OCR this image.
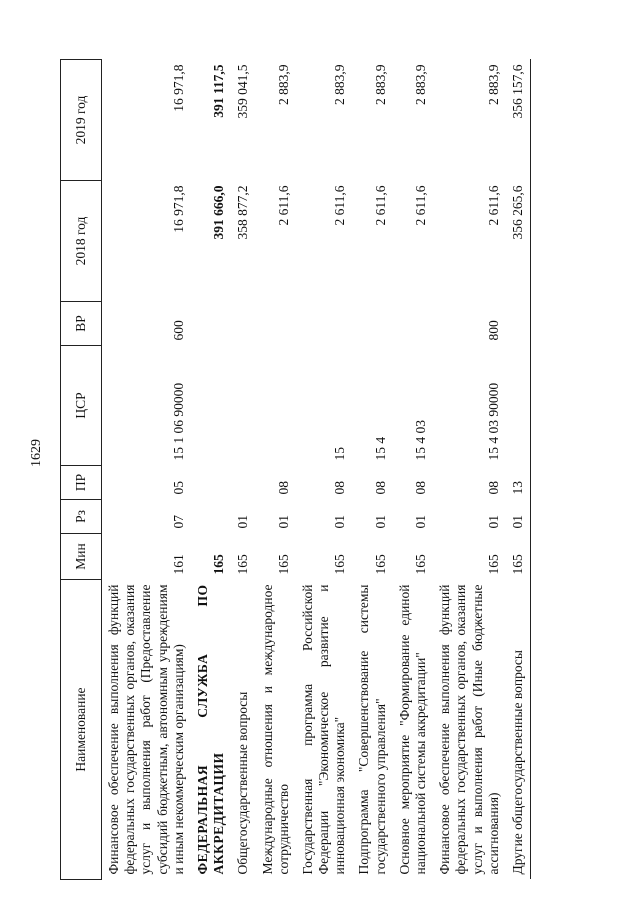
1629
Наименование	Мин	Рз	ПР	ЦСР	ВР	2018 год	2019 год
Финансовое обеспечение выполнения функций федеральных государственных органов, оказания услуг и выполнения работ (Предоставление субсидий бюджетным, автономным учреждениям и иным некоммерческим организациям)	161	07	05	15 1 06 90000	600	16 971,8	16 971,8
ФЕДЕРАЛЬНАЯ СЛУЖБА ПО АККРЕДИТАЦИИ	165					391 666,0	391 117,5
Общегосударственные вопросы	165	01				358 877,2	359 041,5
Международные отношения и международное сотрудничество	165	01	08			2 611,6	2 883,9
Государственная программа Российской Федерации "Экономическое развитие и инновационная экономика"	165	01	08	15		2 611,6	2 883,9
Подпрограмма "Совершенствование системы государственного управления"	165	01	08	15 4		2 611,6	2 883,9
Основное мероприятие "Формирование единой национальной системы аккредитации"	165	01	08	15 4 03		2 611,6	2 883,9
Финансовое обеспечение выполнения функций федеральных государственных органов, оказания услуг и выполнения работ (Иные бюджетные ассигнования)	165	01	08	15 4 03 90000	800	2 611,6	2 883,9
Другие общегосударственные вопросы	165	01	13			356 265,6	356 157,6
